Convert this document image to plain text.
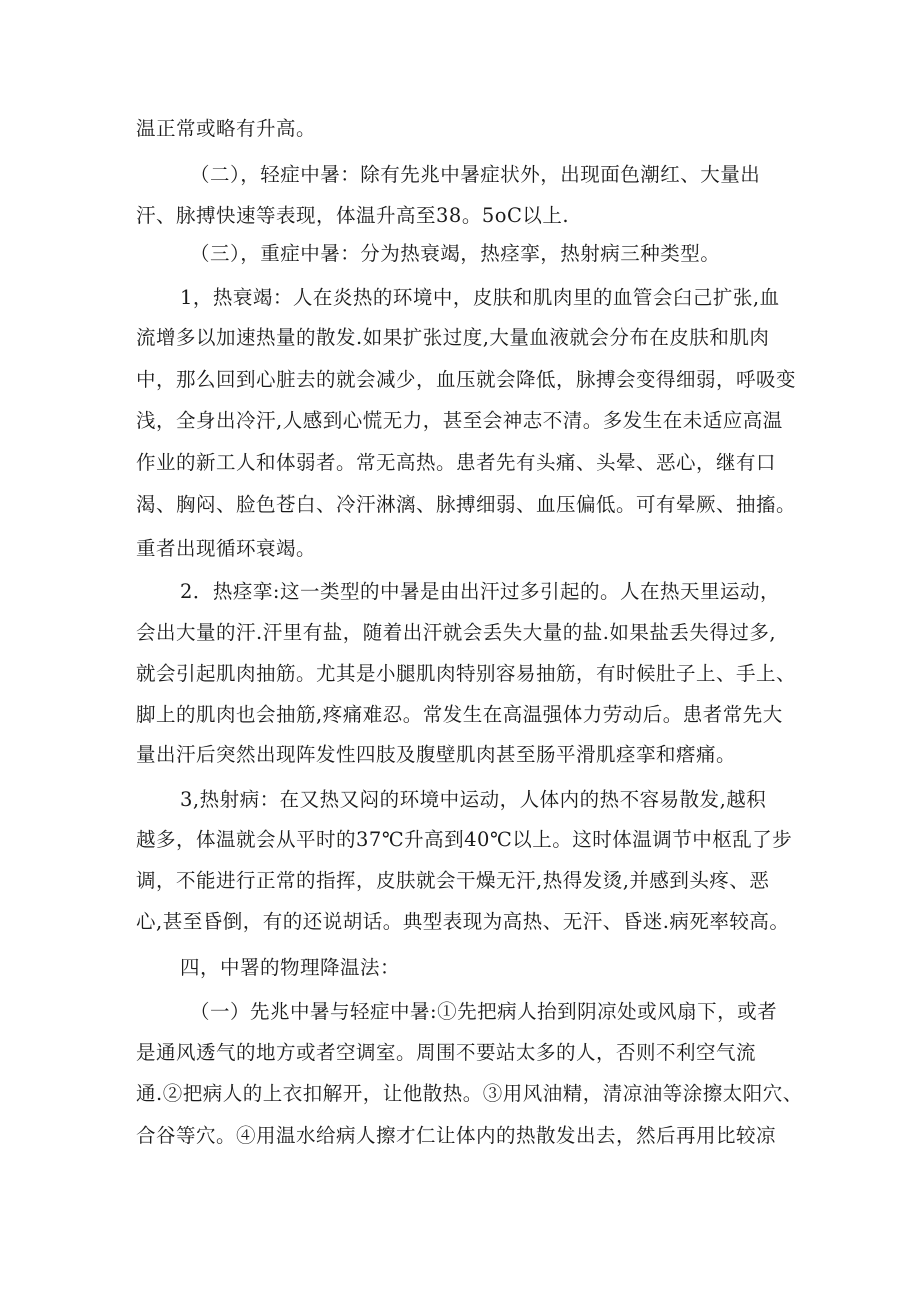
温正常或略有升高。
（二），轻症中暑：除有先兆中暑症状外，出现面色潮红、大量出
汗、脉搏快速等表现，体温升高至38。5oC以上.
（三），重症中暑：分为热衰竭，热痉挛，热射病三种类型。
1，热衰竭：人在炎热的环境中，皮肤和肌肉里的血管会臼己扩张,血
流增多以加速热量的散发.如果扩张过度,大量血液就会分布在皮肤和肌肉
中，那么回到心脏去的就会减少，血压就会降低，脉搏会变得细弱，呼吸变
浅，全身出冷汗,人感到心慌无力，甚至会神志不清。多发生在未适应高温
作业的新工人和体弱者。常无高热。患者先有头痛、头晕、恶心，继有口
渴、胸闷、脸色苍白、冷汗淋漓、脉搏细弱、血压偏低。可有晕厥、抽搐。
重者出现循环衰竭。
2．热痉挛:这一类型的中暑是由出汗过多引起的。人在热天里运动，
会出大量的汗.汗里有盐，随着出汗就会丢失大量的盐.如果盐丢失得过多,
就会引起肌肉抽筋。尤其是小腿肌肉特别容易抽筋，有时候肚子上、手上、
脚上的肌肉也会抽筋,疼痛难忍。常发生在高温强体力劳动后。患者常先大
量出汗后突然出现阵发性四肢及腹壁肌肉甚至肠平滑肌痉挛和瘩痛。
3,热射病：在又热又闷的环境中运动，人体内的热不容易散发,越积
越多，体温就会从平时的37℃升高到40℃以上。这时体温调节中枢乱了步
调，不能进行正常的指挥，皮肤就会干燥无汗,热得发烫,并感到头疼、恶
心,甚至昏倒，有的还说胡话。典型表现为高热、无汗、昏迷.病死率较高。
四，中署的物理降温法：
（一）先兆中暑与轻症中暑:①先把病人抬到阴凉处或风扇下，或者
是通风透气的地方或者空调室。周围不要站太多的人，否则不利空气流
通.②把病人的上衣扣解开，让他散热。③用风油精，清凉油等涂擦太阳穴、
合谷等穴。④用温水给病人擦才仁让体内的热散发出去，然后再用比较凉
